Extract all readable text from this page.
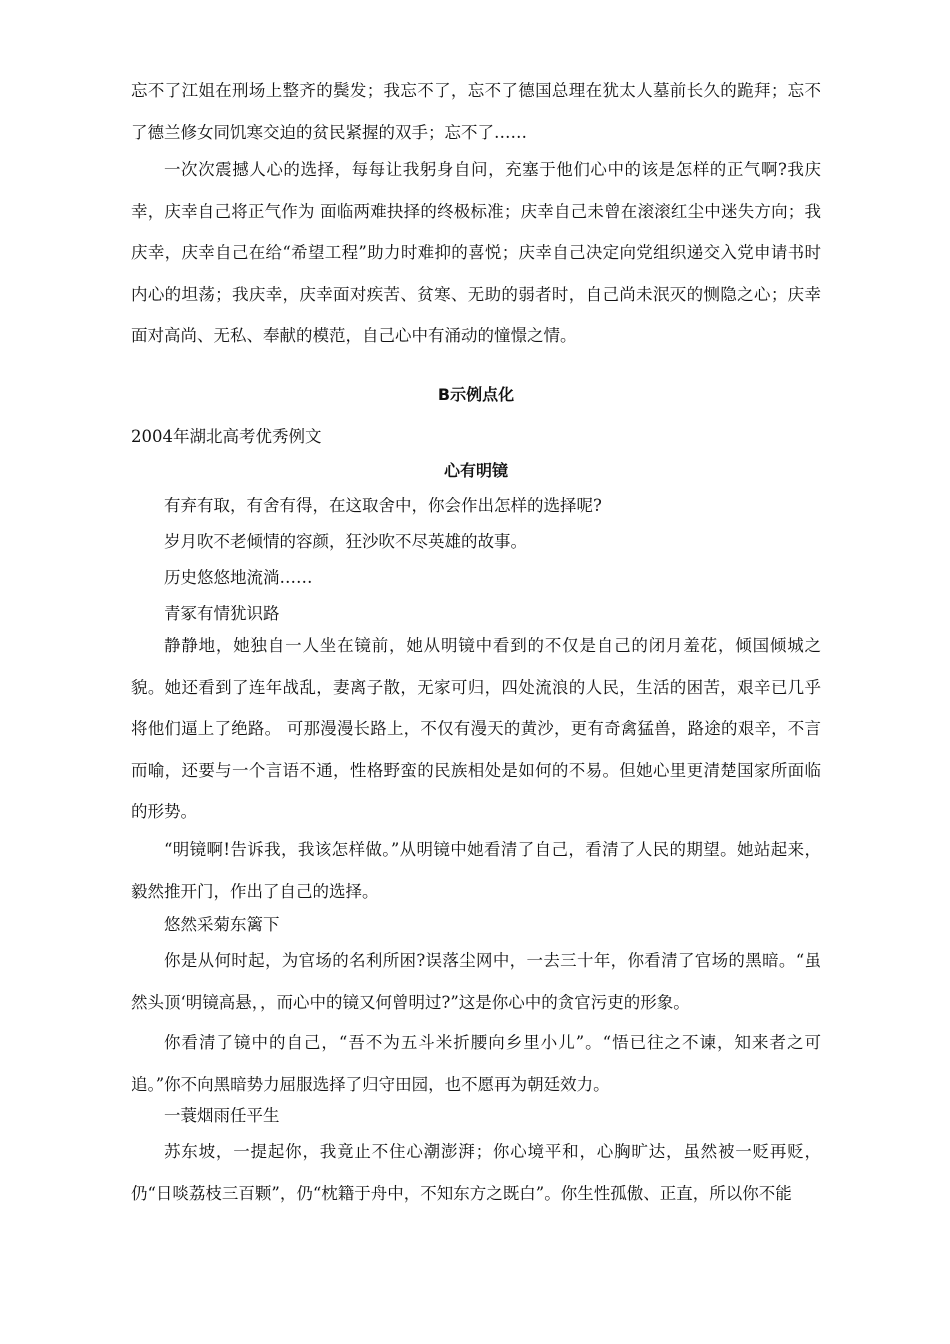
忘不了江姐在刑场上整齐的鬓发；我忘不了，忘不了德国总理在犹太人墓前长久的跪拜；忘不了德兰修女同饥寒交迫的贫民紧握的双手；忘不了……

一次次震撼人心的选择，每每让我躬身自问，充塞于他们心中的该是怎样的正气啊?我庆幸，庆幸自己将正气作为 面临两难抉择的终极标准；庆幸自己未曾在滚滚红尘中迷失方向；我庆幸，庆幸自己在给“希望工程”助力时难抑的喜悦；庆幸自己决定向党组织递交入党申请书时内心的坦荡；我庆幸，庆幸面对疾苦、贫寒、无助的弱者时，自己尚未泯灭的恻隐之心；庆幸面对高尚、无私、奉献的模范，自己心中有涌动的憧憬之情。

B示例点化

2004年湖北高考优秀例文

心有明镜

有弃有取，有舍有得，在这取舍中，你会作出怎样的选择呢?

岁月吹不老倾情的容颜，狂沙吹不尽英雄的故事。

历史悠悠地流淌……

青冢有情犹识路

静静地，她独自一人坐在镜前，她从明镜中看到的不仅是自己的闭月羞花，倾国倾城之貌。她还看到了连年战乱，妻离子散，无家可归，四处流浪的人民，生活的困苦，艰辛已几乎将他们逼上了绝路。 可那漫漫长路上，不仅有漫天的黄沙，更有奇禽猛兽，路途的艰辛，不言而喻，还要与一个言语不通，性格野蛮的民族相处是如何的不易。但她心里更清楚国家所面临的形势。

“明镜啊!告诉我，我该怎样做。”从明镜中她看清了自己，看清了人民的期望。她站起来，毅然推开门，作出了自己的选择。

悠然采菊东篱下

你是从何时起，为官场的名利所困?误落尘网中，一去三十年，你看清了官场的黑暗。“虽然头顶‘明镜高悬，，而心中的镜又何曾明过?”这是你心中的贪官污吏的形象。

你看清了镜中的自己，“吾不为五斗米折腰向乡里小儿”。“悟已往之不谏，知来者之可追。”你不向黑暗势力屈服选择了归守田园，也不愿再为朝廷效力。

一蓑烟雨任平生

苏东坡，一提起你，我竟止不住心潮澎湃；你心境平和，心胸旷达，虽然被一贬再贬，仍“日啖荔枝三百颗”，仍“枕籍于舟中，不知东方之既白”。你生性孤傲、正直，所以你不能
